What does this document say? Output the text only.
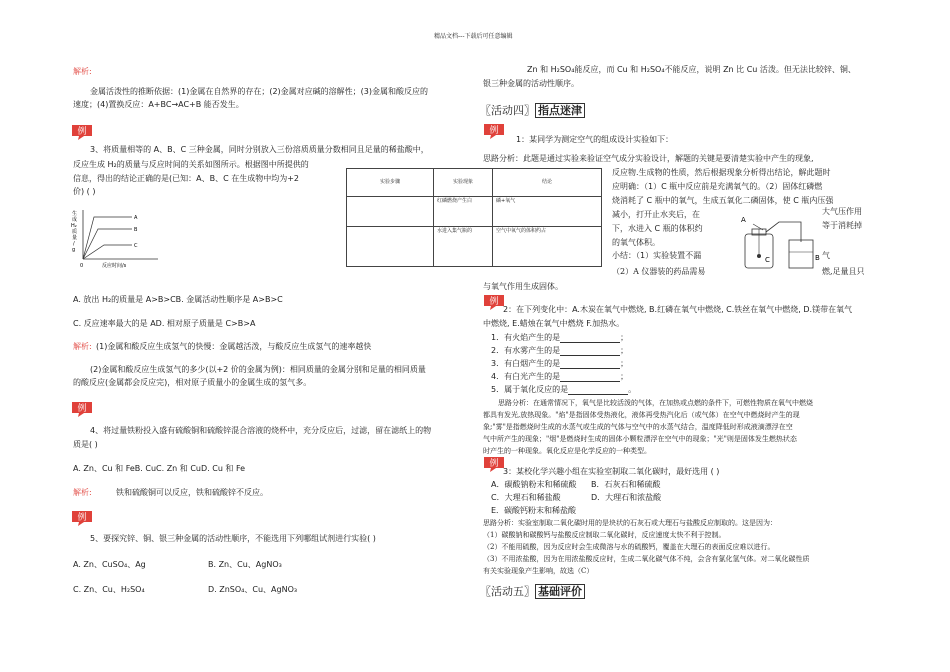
精品文档---下载后可任意编辑
解析:
金属活泼性的推断依据：(1)金属在自然界的存在；(2)金属对应碱的溶解性；(3)金属和酸反应的
速度；(4)置换反应：A+BC→AC+B 能否发生。
例
3、将质量相等的 A、B、C 三种金属，同时分别放入三份溶质质量分数相同且足量的稀盐酸中，
反应生成 H₂的质量与反应时间的关系如图所示。根据图中所提供的
信息，得出的结论正确的是(已知：A、B、C 在生成物中均为+2
价) ( )
A
B
C
0	反应时间/s
生
成
H₂
质
量
/
g
A. 放出 H₂的质量是 A>B>CB. 金属活动性顺序是 A>B>C
C. 反应速率最大的是 AD. 相对原子质量是 C>B>A
解析: (1)金属和酸反应生成氢气的快慢：金属越活泼，与酸反应生成氢气的速率越快
(2)金属和酸反应生成氢气的多少(以+2 价的金属为例)：相同质量的金属分别和足量的相同质量
的酸反应(金属都会反应完)，相对原子质量小的金属生成的氢气多。
例
4、将过量铁粉投入盛有硫酸铜和硫酸锌混合溶液的烧杯中，充分反应后，过滤，留在滤纸上的物
质是( )
A. Zn、Cu 和 FeB. CuC. Zn 和 CuD. Cu 和 Fe
解析:	铁和硫酸铜可以反应，铁和硫酸锌不反应。
例
5、要探究锌、铜、银三种金属的活动性顺序，不能选用下列哪组试剂进行实验( )
A. Zn、CuSO₄、Ag	B. Zn、Cu、AgNO₃
C. Zn、Cu、H₂SO₄	D. ZnSO₄、Cu、AgNO₃
实验步骤	实验现象	结论
	红磷燃烧产生白	磷+氧气
	水进入集气瓶的	空气中氧气的体积约占
Zn 和 H₂SO₄能反应，而 Cu 和 H₂SO₄不能反应，说明 Zn 比 Cu 活泼。但无法比较锌、铜、
银三种金属的活动性顺序。
〖活动四〗 指点迷津
例
1：某同学为测定空气的组成设计实验如下：
思路分析：此题是通过实验来验证空气成分实验设计，解题的关键是要清楚实验中产生的现象,
反应物.生成物的性质，然后根据现象分析得出结论，解此题时
应明确：（1）C 瓶中反应前是充满氧气的。（2）固体红磷燃
烧消耗了 C 瓶中的氧气，生成五氧化二磷固体，使 C 瓶内压强
减小，打开止水夹后，在	大气压作用
下，水进入 C 瓶的体积约	等于消耗掉
的氧气体积。
小结：（1）实验装置不漏	气
（2）A 仪器装的药品需易	燃,足量且只
与氧气作用生成固体。
A
C	B
例
2：在下列变化中：A.木炭在氧气中燃烧, B.红磷在氧气中燃烧, C.铁丝在氧气中燃烧, D.镁带在氧气
中燃烧, E.蜡烛在氧气中燃烧 F.加热水。
1．有火焰产生的是	；
2．有水雾产生的是	；
3．有白烟产生的是	；
4．有白光产生的是	；
5．属于氧化反应的是	。
思路分析：在通常情况下，氧气是比较活泼的气体，在加热或点燃的条件下，可燃性物质在氧气中燃烧
都具有发光,放热现象。"焰"是指固体受热液化，液体再受热汽化后（或气体）在空气中燃烧时产生的现
象;"雾"是指燃烧时生成的水蒸气或生成的气体与空气中的水蒸气结合，温度降低时形成液滴漂浮在空
气中所产生的现象；"烟"是燃烧时生成的固体小颗粒漂浮在空气中的现象；"光"则是固体发生燃热状态
时产生的一种现象。氧化反应是化学反应的一种类型。
例
3：某校化学兴趣小组在实验室制取二氧化碳时，最好选用 ( )
A．碳酸钠粉末和稀硫酸 B．石灰石和稀硫酸
C．大理石和稀盐酸	D．大理石和浓盐酸
E．碳酸钙粉末和稀盐酸
思路分析：实验室制取二氧化碳时用的是块状的石灰石或大理石与盐酸反应制取的。这是因为：
（1）碳酸钠和碳酸钙与盐酸反应制取二氧化碳时，反应速度太快不利于控制。
（2）不能用硫酸，因为反应时会生成微溶与水的硫酸钙，覆盖在大理石的表面反应难以进行。
（3）不用浓盐酸，因为在用浓盐酸反应时，生成二氧化碳气体不纯，会含有氯化氢气体。对二氧化碳性质
有关实验现象产生影响，故选（C）
〖活动五〗 基础评价
